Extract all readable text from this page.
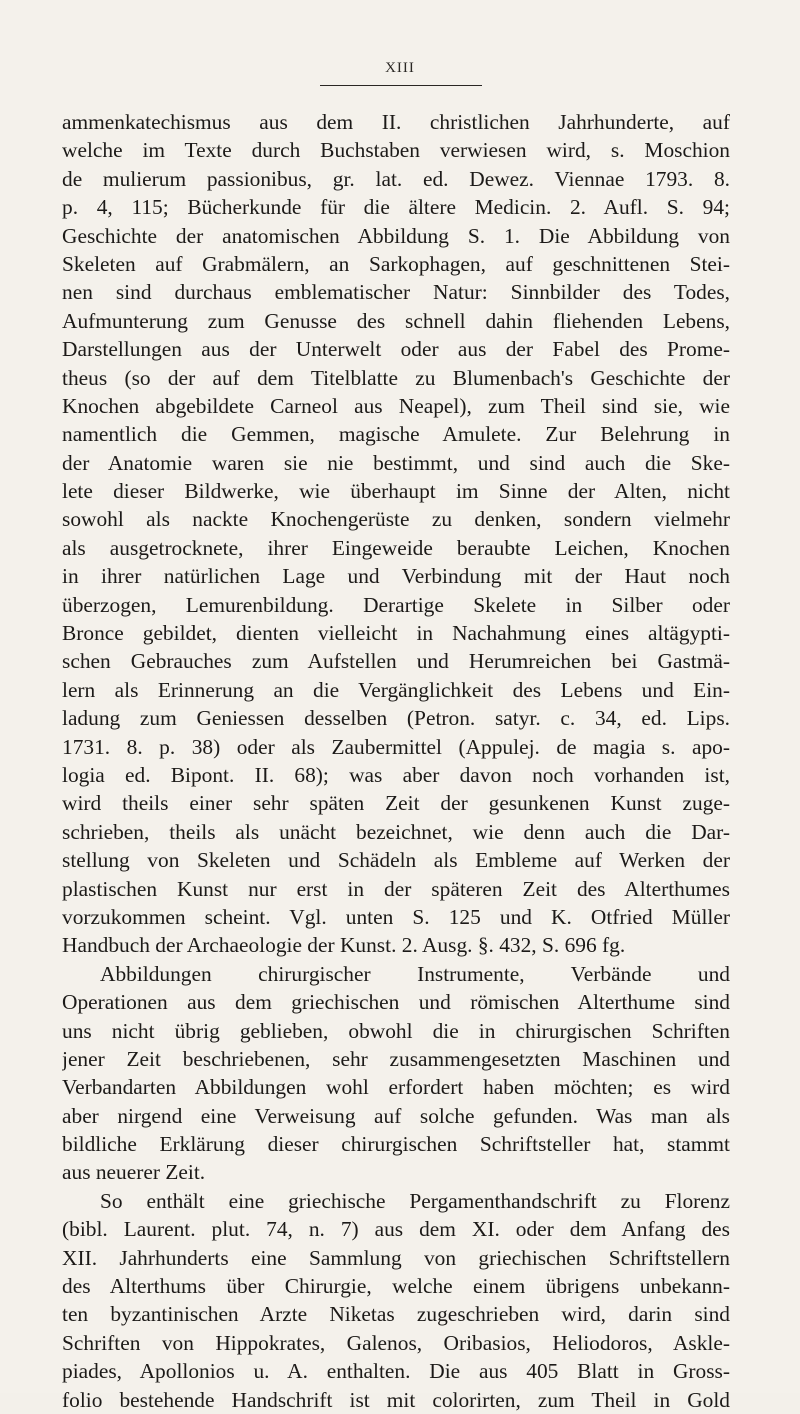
XIII
ammenkatechismus aus dem II. christlichen Jahrhunderte, auf
welche im Texte durch Buchstaben verwiesen wird, s. Moschion
de mulierum passionibus, gr. lat. ed. Dewez. Viennae 1793. 8.
p. 4, 115; Bücherkunde für die ältere Medicin. 2. Aufl. S. 94;
Geschichte der anatomischen Abbildung S. 1. Die Abbildung von
Skeleten auf Grabmälern, an Sarkophagen, auf geschnittenen Stei-
nen sind durchaus emblematischer Natur: Sinnbilder des Todes,
Aufmunterung zum Genusse des schnell dahin fliehenden Lebens,
Darstellungen aus der Unterwelt oder aus der Fabel des Prome-
theus (so der auf dem Titelblatte zu Blumenbach's Geschichte der
Knochen abgebildete Carneol aus Neapel), zum Theil sind sie, wie
namentlich die Gemmen, magische Amulete. Zur Belehrung in
der Anatomie waren sie nie bestimmt, und sind auch die Ske-
lete dieser Bildwerke, wie überhaupt im Sinne der Alten, nicht
sowohl als nackte Knochengerüste zu denken, sondern vielmehr
als ausgetrocknete, ihrer Eingeweide beraubte Leichen, Knochen
in ihrer natürlichen Lage und Verbindung mit der Haut noch
überzogen, Lemurenbildung. Derartige Skelete in Silber oder
Bronce gebildet, dienten vielleicht in Nachahmung eines altägypti-
schen Gebrauches zum Aufstellen und Herumreichen bei Gastmä-
lern als Erinnerung an die Vergänglichkeit des Lebens und Ein-
ladung zum Geniessen desselben (Petron. satyr. c. 34, ed. Lips.
1731. 8. p. 38) oder als Zaubermittel (Appulej. de magia s. apo-
logia ed. Bipont. II. 68); was aber davon noch vorhanden ist,
wird theils einer sehr späten Zeit der gesunkenen Kunst zuge-
schrieben, theils als unächt bezeichnet, wie denn auch die Dar-
stellung von Skeleten und Schädeln als Embleme auf Werken der
plastischen Kunst nur erst in der späteren Zeit des Alterthumes
vorzukommen scheint. Vgl. unten S. 125 und K. Otfried Müller
Handbuch der Archaeologie der Kunst. 2. Ausg. §. 432, S. 696 fg.
Abbildungen chirurgischer Instrumente, Verbände und
Operationen aus dem griechischen und römischen Alterthume sind
uns nicht übrig geblieben, obwohl die in chirurgischen Schriften
jener Zeit beschriebenen, sehr zusammengesetzten Maschinen und
Verbandarten Abbildungen wohl erfordert haben möchten; es wird
aber nirgend eine Verweisung auf solche gefunden. Was man als
bildliche Erklärung dieser chirurgischen Schriftsteller hat, stammt
aus neuerer Zeit.
So enthält eine griechische Pergamenthandschrift zu Florenz
(bibl. Laurent. plut. 74, n. 7) aus dem XI. oder dem Anfang des
XII. Jahrhunderts eine Sammlung von griechischen Schriftstellern
des Alterthums über Chirurgie, welche einem übrigens unbekann-
ten byzantinischen Arzte Niketas zugeschrieben wird, darin sind
Schriften von Hippokrates, Galenos, Oribasios, Heliodoros, Askle-
piades, Apollonios u. A. enthalten. Die aus 405 Blatt in Gross-
folio bestehende Handschrift ist mit colorirten, zum Theil in Gold
